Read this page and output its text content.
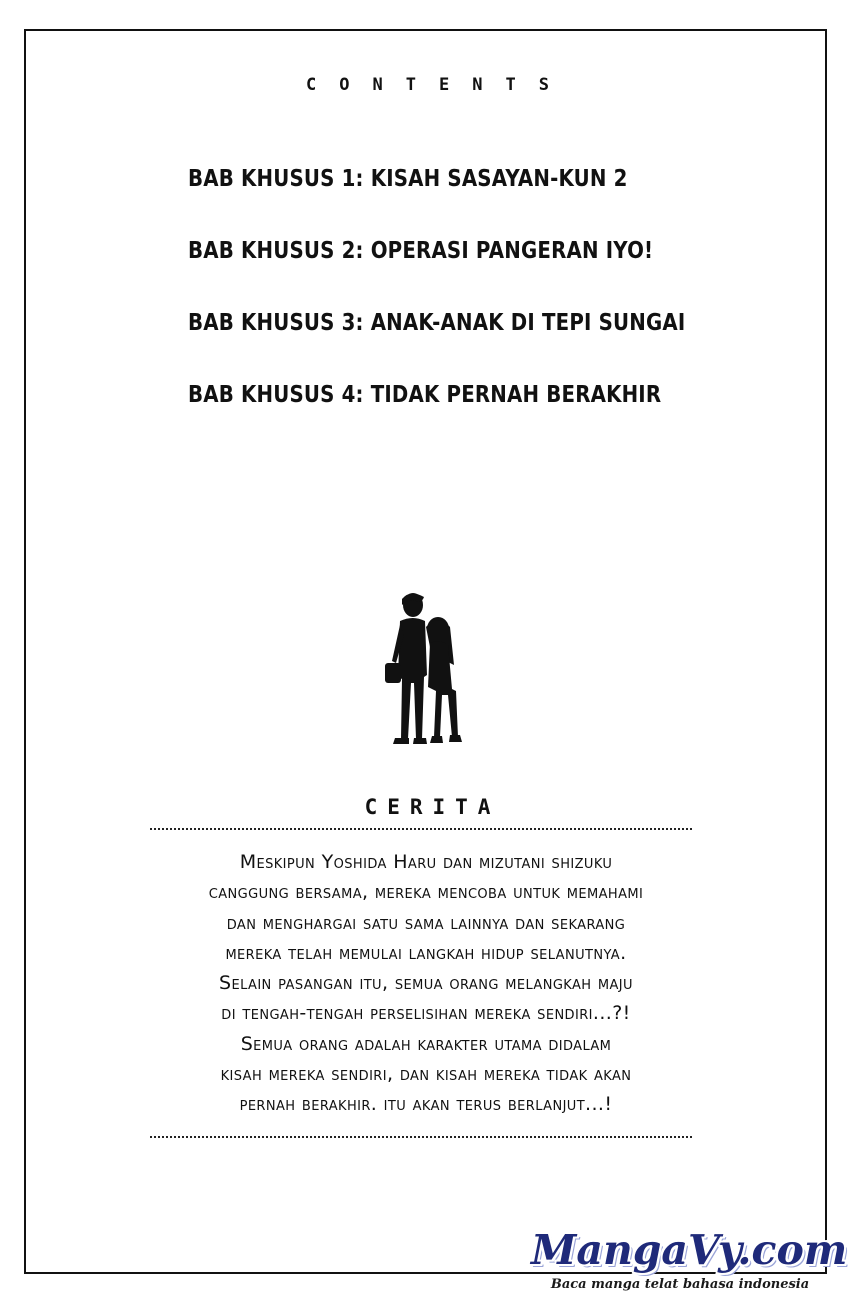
CONTENTS
BAB KHUSUS 1: KISAH SASAYAN-KUN 2
BAB KHUSUS 2: OPERASI PANGERAN IYO!
BAB KHUSUS 3: ANAK-ANAK DI TEPI SUNGAI
BAB KHUSUS 4: TIDAK PERNAH BERAKHIR
CERITA
Meskipun Yoshida Haru dan mizutani shizuku
canggung bersama, mereka mencoba untuk memahami
dan menghargai satu sama lainnya dan sekarang
mereka telah memulai langkah hidup selanutnya.
Selain pasangan itu, semua orang melangkah maju
di tengah-tengah perselisihan mereka sendiri...?!
Semua orang adalah karakter utama didalam
kisah mereka sendiri, dan kisah mereka tidak akan
pernah berakhir. itu akan terus berlanjut...!
MangaVy.com
Baca manga telat bahasa indonesia
